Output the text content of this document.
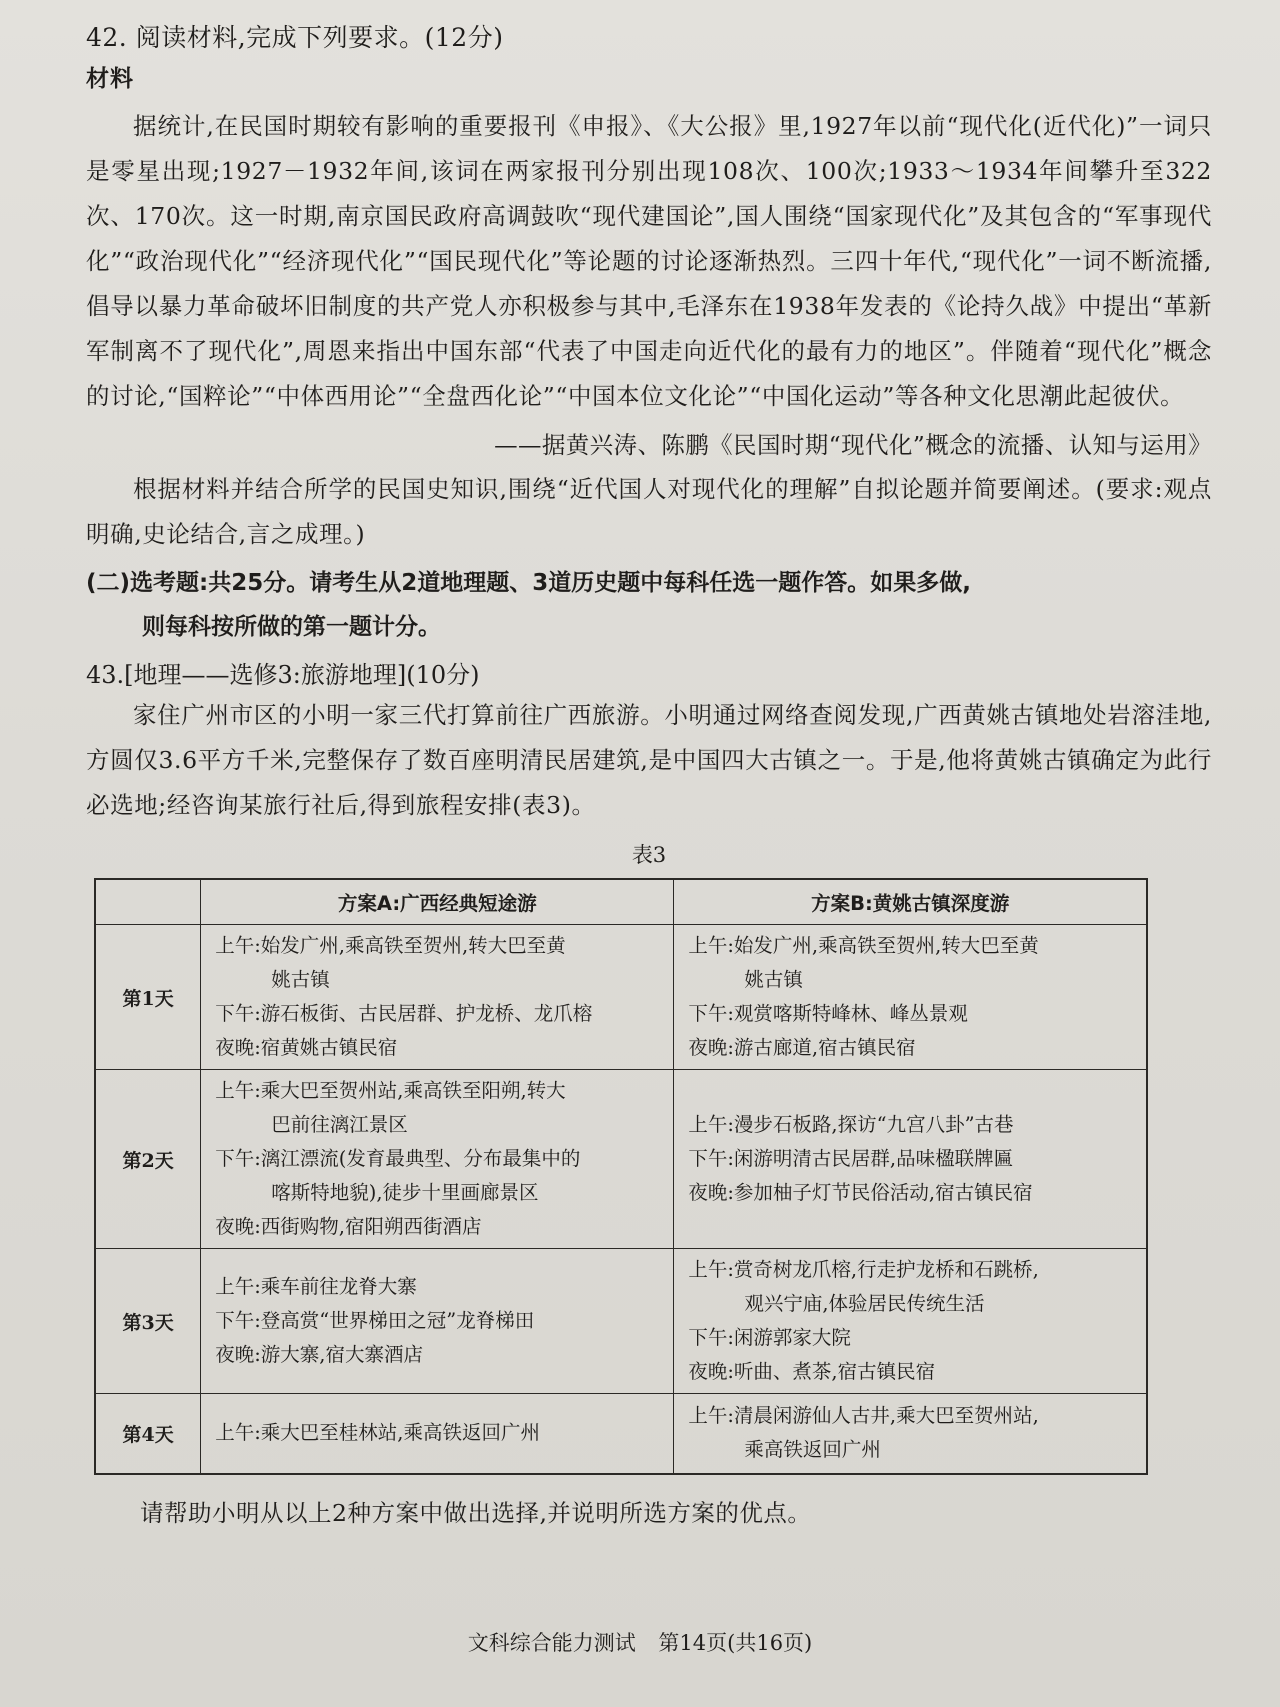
42. 阅读材料,完成下列要求。(12分)
材料

据统计,在民国时期较有影响的重要报刊《申报》、《大公报》里,1927年以前“现代化(近代化)”一词只是零星出现;1927－1932年间,该词在两家报刊分别出现108次、100次;1933～1934年间攀升至322次、170次。这一时期,南京国民政府高调鼓吹“现代建国论”,国人围绕“国家现代化”及其包含的“军事现代化”“政治现代化”“经济现代化”“国民现代化”等论题的讨论逐渐热烈。三四十年代,“现代化”一词不断流播,倡导以暴力革命破坏旧制度的共产党人亦积极参与其中,毛泽东在1938年发表的《论持久战》中提出“革新军制离不了现代化”,周恩来指出中国东部“代表了中国走向近代化的最有力的地区”。伴随着“现代化”概念的讨论,“国粹论”“中体西用论”“全盘西化论”“中国本位文化论”“中国化运动”等各种文化思潮此起彼伏。

——据黄兴涛、陈鹏《民国时期“现代化”概念的流播、认知与运用》

根据材料并结合所学的民国史知识,围绕“近代国人对现代化的理解”自拟论题并简要阐述。(要求:观点明确,史论结合,言之成理。)

(二)选考题:共25分。请考生从2道地理题、3道历史题中每科任选一题作答。如果多做,
则每科按所做的第一题计分。
43.[地理——选修3:旅游地理](10分)

家住广州市区的小明一家三代打算前往广西旅游。小明通过网络查阅发现,广西黄姚古镇地处岩溶洼地,方圆仅3.6平方千米,完整保存了数百座明清民居建筑,是中国四大古镇之一。于是,他将黄姚古镇确定为此行必选地;经咨询某旅行社后,得到旅程安排(表3)。

表3
	方案A:广西经典短途游	方案B:黄姚古镇深度游
第1天	上午:始发广州,乘高铁至贺州,转大巴至黄
姚古镇
下午:游石板街、古民居群、护龙桥、龙爪榕
夜晚:宿黄姚古镇民宿	上午:始发广州,乘高铁至贺州,转大巴至黄
姚古镇
下午:观赏喀斯特峰林、峰丛景观
夜晚:游古廊道,宿古镇民宿

第2天	上午:乘大巴至贺州站,乘高铁至阳朔,转大
巴前往漓江景区
下午:漓江漂流(发育最典型、分布最集中的
喀斯特地貌),徒步十里画廊景区
夜晚:西街购物,宿阳朔西街酒店	上午:漫步石板路,探访“九宫八卦”古巷
下午:闲游明清古民居群,品味楹联牌匾
夜晚:参加柚子灯节民俗活动,宿古镇民宿

第3天	上午:乘车前往龙脊大寨
下午:登高赏“世界梯田之冠”龙脊梯田
夜晚:游大寨,宿大寨酒店	上午:赏奇树龙爪榕,行走护龙桥和石跳桥,
观兴宁庙,体验居民传统生活
下午:闲游郭家大院
夜晚:听曲、煮茶,宿古镇民宿

第4天	上午:乘大巴至桂林站,乘高铁返回广州	上午:清晨闲游仙人古井,乘大巴至贺州站,
乘高铁返回广州
请帮助小明从以上2种方案中做出选择,并说明所选方案的优点。
文科综合能力测试 第14页(共16页)
